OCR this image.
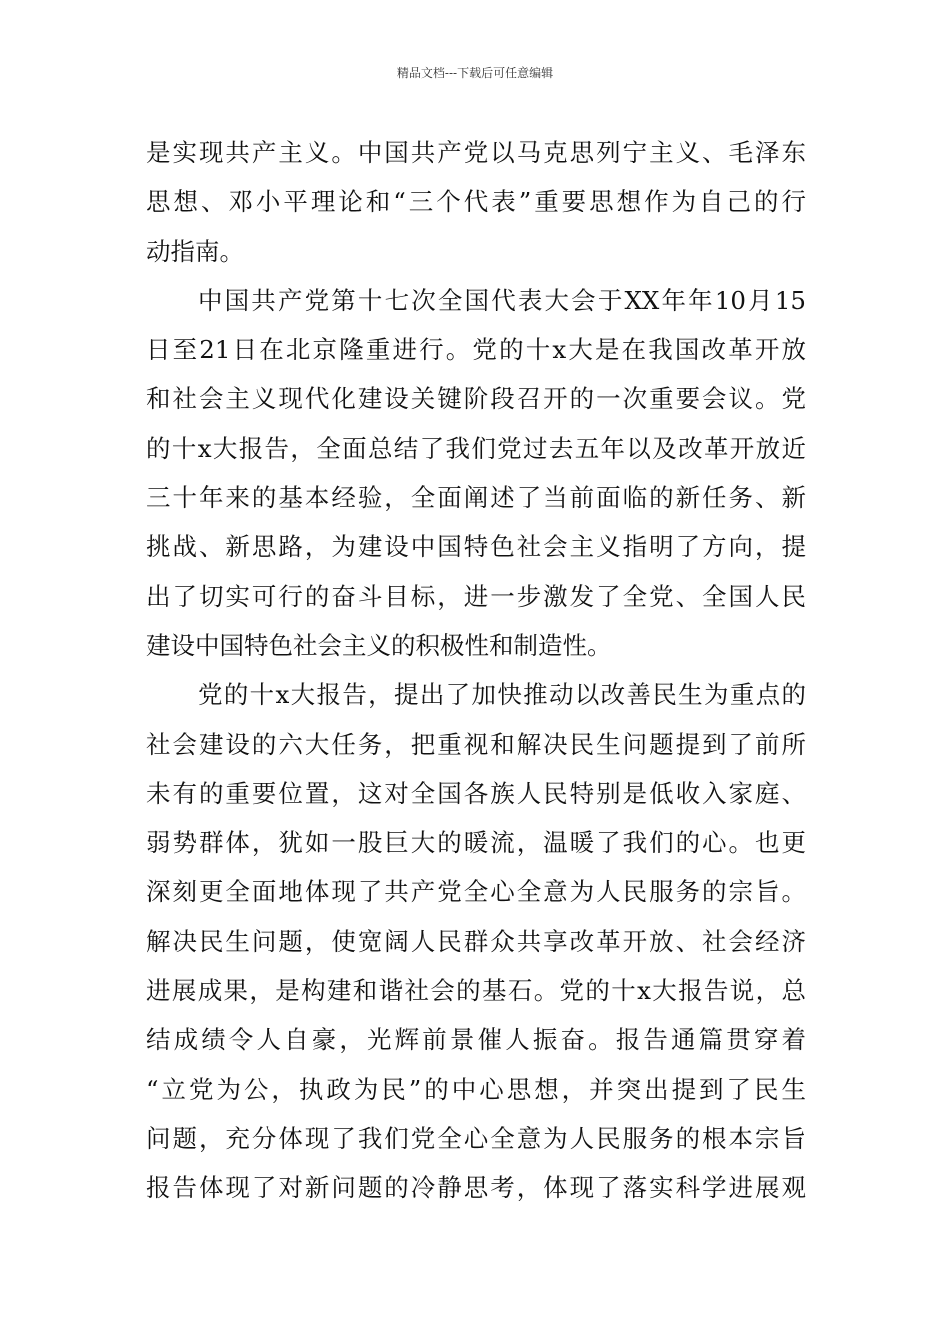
精品文档---下载后可任意编辑
是实现共产主义。中国共产党以马克思列宁主义、毛泽东
思想、邓小平理论和“三个代表”重要思想作为自己的行
动指南。
中国共产党第十七次全国代表大会于XX年年10月15
日至21日在北京隆重进行。党的十x大是在我国改革开放
和社会主义现代化建设关键阶段召开的一次重要会议。党
的十x大报告，全面总结了我们党过去五年以及改革开放近
三十年来的基本经验，全面阐述了当前面临的新任务、新
挑战、新思路，为建设中国特色社会主义指明了方向，提
出了切实可行的奋斗目标，进一步激发了全党、全国人民
建设中国特色社会主义的积极性和制造性。
党的十x大报告，提出了加快推动以改善民生为重点的
社会建设的六大任务，把重视和解决民生问题提到了前所
未有的重要位置，这对全国各族人民特别是低收入家庭、
弱势群体，犹如一股巨大的暖流，温暖了我们的心。也更
深刻更全面地体现了共产党全心全意为人民服务的宗旨。
解决民生问题，使宽阔人民群众共享改革开放、社会经济
进展成果，是构建和谐社会的基石。党的十x大报告说，总
结成绩令人自豪，光辉前景催人振奋。报告通篇贯穿着
“立党为公，执政为民”的中心思想，并突出提到了民生
问题，充分体现了我们党全心全意为人民服务的根本宗旨
报告体现了对新问题的冷静思考，体现了落实科学进展观
